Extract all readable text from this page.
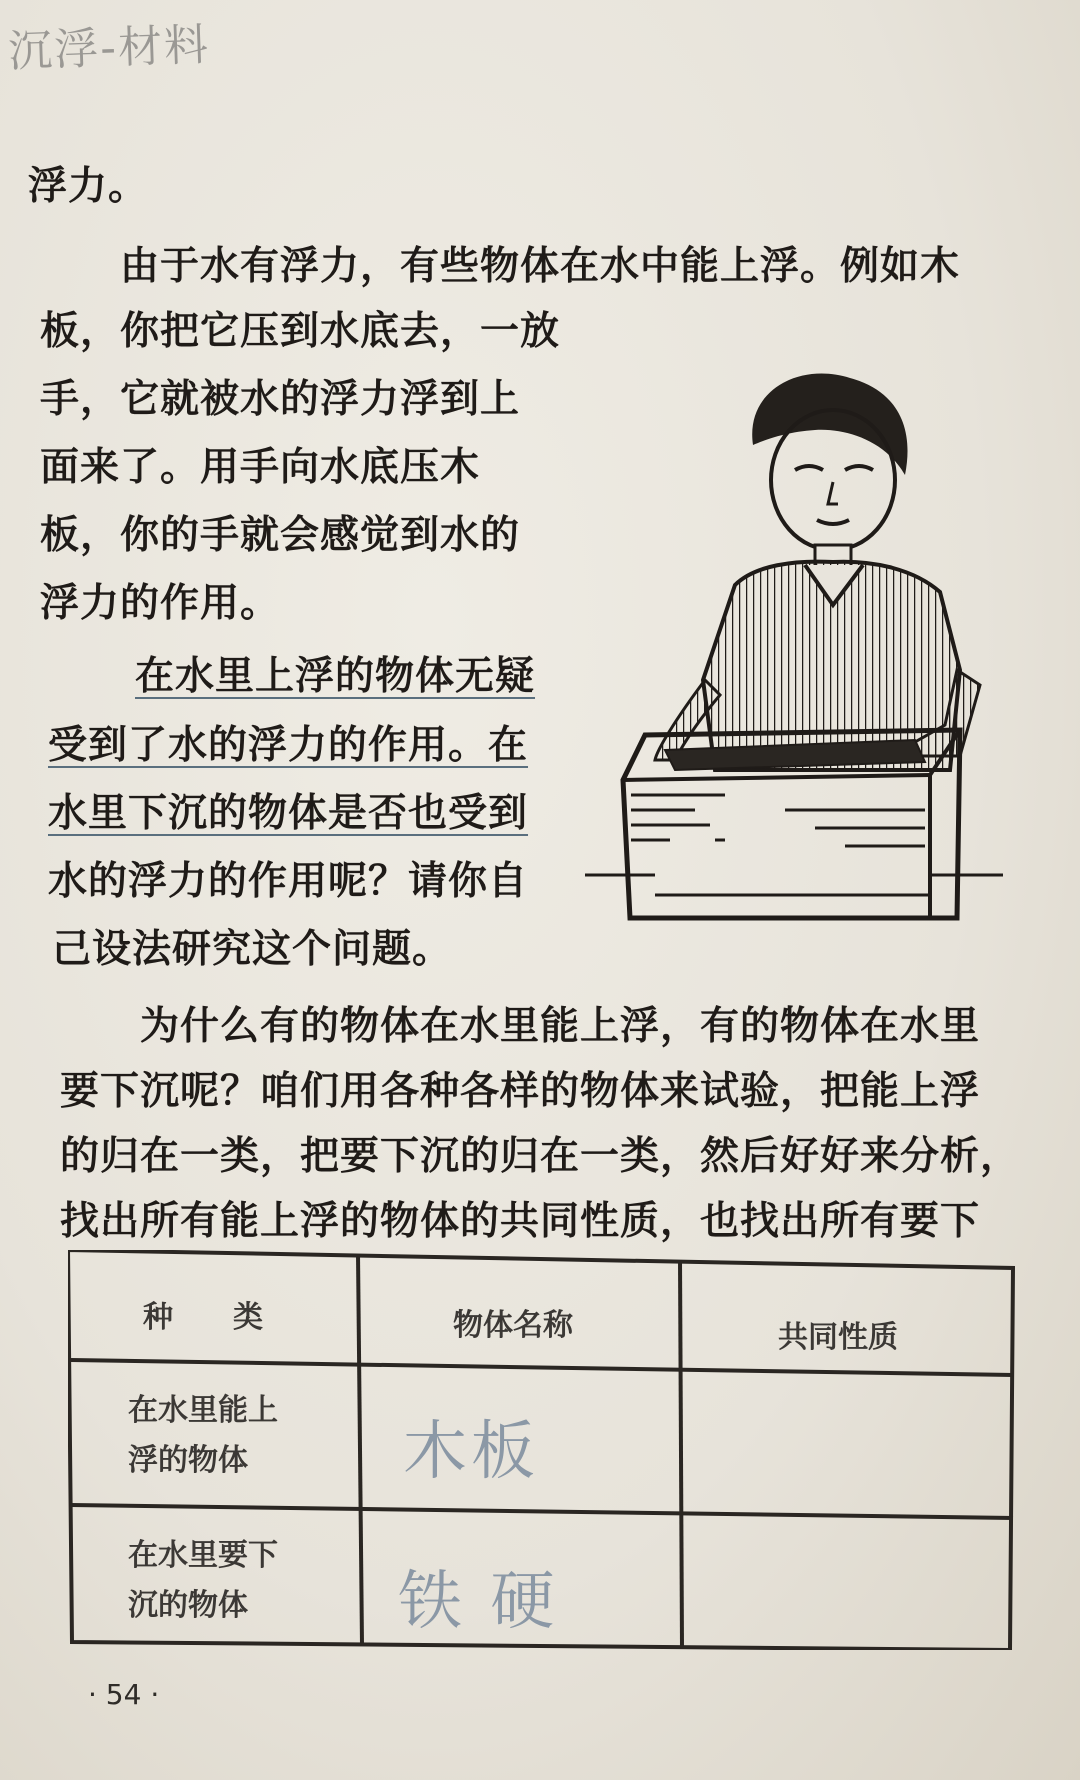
沉浮-材料
浮力。
由于水有浮力，有些物体在水中能上浮。例如木
板，你把它压到水底去，一放
手，它就被水的浮力浮到上
面来了。用手向水底压木
板，你的手就会感觉到水的
浮力的作用。
在水里上浮的物体无疑
受到了水的浮力的作用。在
水里下沉的物体是否也受到
水的浮力的作用呢？请你自
己设法研究这个问题。
为什么有的物体在水里能上浮，有的物体在水里
要下沉呢？咱们用各种各样的物体来试验，把能上浮
的归在一类，把要下沉的归在一类，然后好好来分析，
找出所有能上浮的物体的共同性质，也找出所有要下
种　　类	物体名称	共同性质
在水里能上
浮的物体 木板
在水里要下
沉的物体 铁 硬
· 54 ·
